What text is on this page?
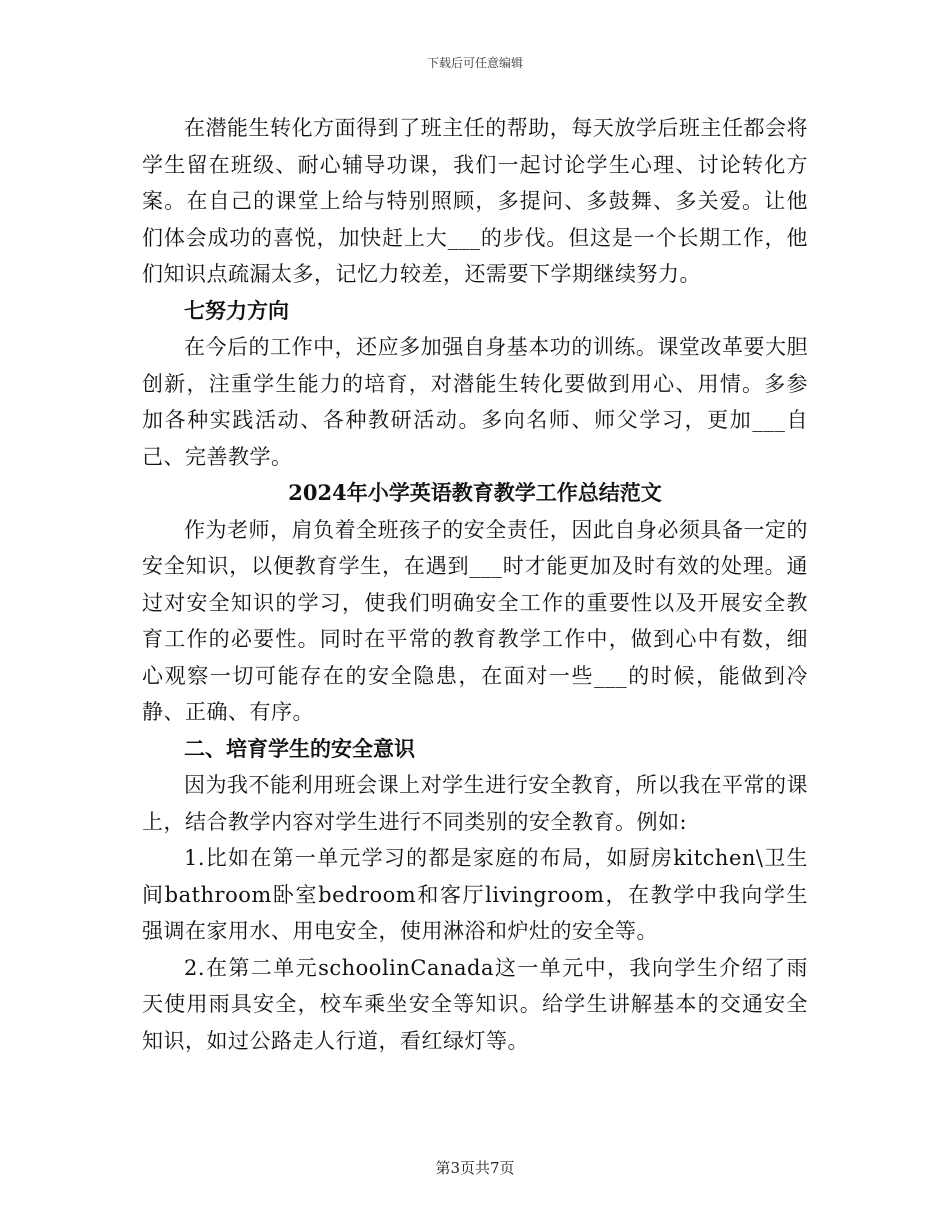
下载后可任意编辑

在潜能生转化方面得到了班主任的帮助，每天放学后班主任都会将学生留在班级、耐心辅导功课，我们一起讨论学生心理、讨论转化方案。在自己的课堂上给与特别照顾，多提问、多鼓舞、多关爱。让他们体会成功的喜悦，加快赶上大___的步伐。但这是一个长期工作，他们知识点疏漏太多，记忆力较差，还需要下学期继续努力。

七努力方向

在今后的工作中，还应多加强自身基本功的训练。课堂改革要大胆创新，注重学生能力的培育，对潜能生转化要做到用心、用情。多参加各种实践活动、各种教研活动。多向名师、师父学习，更加___自己、完善教学。

2024年小学英语教育教学工作总结范文

作为老师，肩负着全班孩子的安全责任，因此自身必须具备一定的安全知识，以便教育学生，在遇到___时才能更加及时有效的处理。通过对安全知识的学习，使我们明确安全工作的重要性以及开展安全教育工作的必要性。同时在平常的教育教学工作中，做到心中有数，细心观察一切可能存在的安全隐患，在面对一些___的时候，能做到冷静、正确、有序。

二、培育学生的安全意识

因为我不能利用班会课上对学生进行安全教育，所以我在平常的课上，结合教学内容对学生进行不同类别的安全教育。例如:

1.比如在第一单元学习的都是家庭的布局，如厨房kitchen\卫生间bathroom卧室bedroom和客厅livingroom，在教学中我向学生强调在家用水、用电安全，使用淋浴和炉灶的安全等。

2.在第二单元schoolinCanada这一单元中，我向学生介绍了雨天使用雨具安全，校车乘坐安全等知识。给学生讲解基本的交通安全知识，如过公路走人行道，看红绿灯等。

第3页共7页
